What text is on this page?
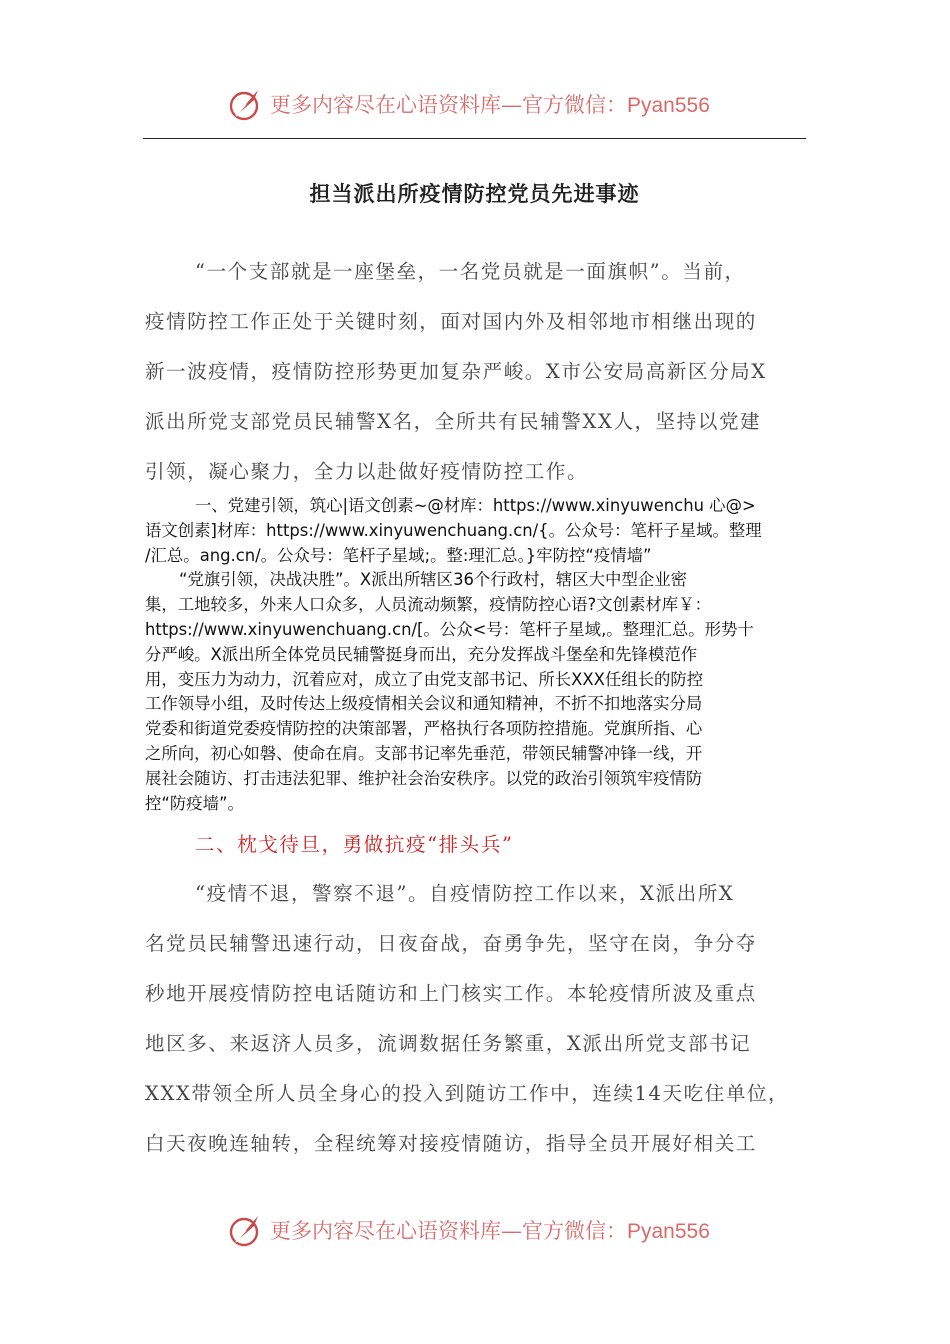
更多内容尽在心语资料库—官方微信：Pyan556
担当派出所疫情防控党员先进事迹
“一个支部就是一座堡垒，一名党员就是一面旗帜”。当前，
疫情防控工作正处于关键时刻，面对国内外及相邻地市相继出现的
新一波疫情，疫情防控形势更加复杂严峻。X市公安局高新区分局X
派出所党支部党员民辅警X名，全所共有民辅警XX人，坚持以党建
引领，凝心聚力，全力以赴做好疫情防控工作。
一、党建引领，筑心|语文创素~@材库：https://www.xinyuwenchu 心@>
语文创素]材库：https://www.xinyuwenchuang.cn/{。公众号：笔杆子星域。整理
/汇总。ang.cn/。公众号：笔杆子星域;。整:理汇总。}牢防控“疫情墙”
“党旗引领，决战决胜”。X派出所辖区36个行政村，辖区大中型企业密
集，工地较多，外来人口众多，人员流动频繁，疫情防控心语?文创素材库￥：
https://www.xinyuwenchuang.cn/[。公众<号：笔杆子星域,。整理汇总。形势十
分严峻。X派出所全体党员民辅警挺身而出，充分发挥战斗堡垒和先锋模范作
用，变压力为动力，沉着应对，成立了由党支部书记、所长XXX任组长的防控
工作领导小组，及时传达上级疫情相关会议和通知精神，不折不扣地落实分局
党委和街道党委疫情防控的决策部署，严格执行各项防控措施。党旗所指、心
之所向，初心如磐、使命在肩。支部书记率先垂范，带领民辅警冲锋一线，开
展社会随访、打击违法犯罪、维护社会治安秩序。以党的政治引领筑牢疫情防
控“防疫墙”。
二、枕戈待旦，勇做抗疫“排头兵”
“疫情不退，警察不退”。自疫情防控工作以来，X派出所X
名党员民辅警迅速行动，日夜奋战，奋勇争先，坚守在岗，争分夺
秒地开展疫情防控电话随访和上门核实工作。本轮疫情所波及重点
地区多、来返济人员多，流调数据任务繁重，X派出所党支部书记
XXX带领全所人员全身心的投入到随访工作中，连续14天吃住单位，
白天夜晚连轴转，全程统筹对接疫情随访，指导全员开展好相关工
更多内容尽在心语资料库—官方微信：Pyan556
